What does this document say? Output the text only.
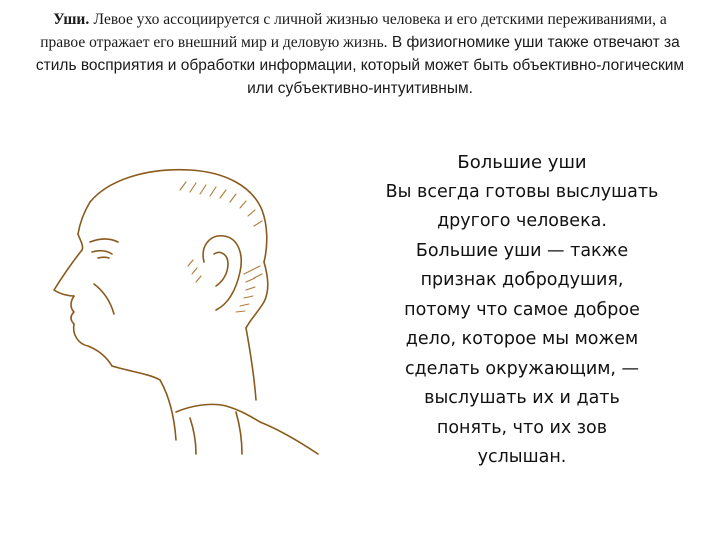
Уши. Левое ухо ассоциируется с личной жизнью человека и его детскими переживаниями, а правое отражает его внешний мир и деловую жизнь. В физиогномике уши также отвечают за стиль восприятия и обработки информации, который может быть объективно-логическим или субъективно-интуитивным.
Большие уши
Вы всегда готовы выслушать
другого человека.
Большие уши — также
признак добродушия,
потому что самое доброе
дело, которое мы можем
сделать окружающим, —
выслушать их и дать
понять, что их зов
услышан.
